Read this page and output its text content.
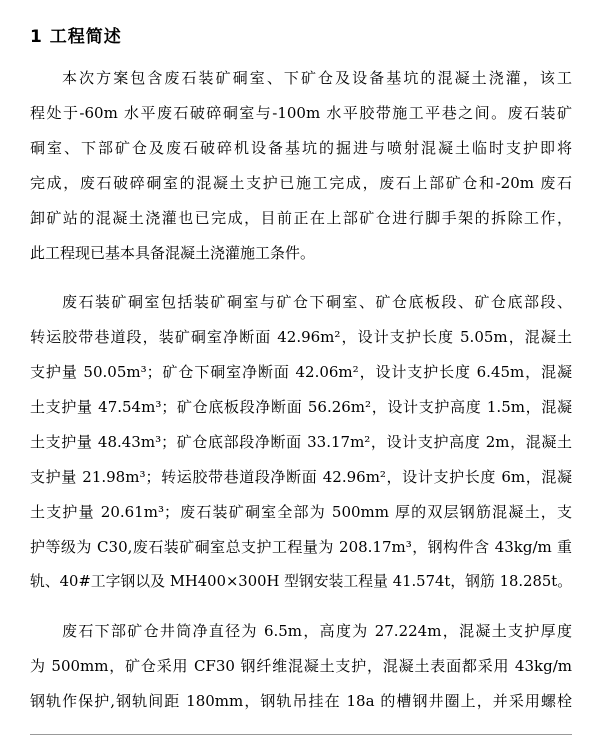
1 工程简述
本次方案包含废石装矿硐室、下矿仓及设备基坑的混凝土浇灌，该工
程处于-60m 水平废石破碎硐室与-100m 水平胶带施工平巷之间。废石装矿
硐室、下部矿仓及废石破碎机设备基坑的掘进与喷射混凝土临时支护即将
完成，废石破碎硐室的混凝土支护已施工完成，废石上部矿仓和-20m 废石
卸矿站的混凝土浇灌也已完成，目前正在上部矿仓进行脚手架的拆除工作，
此工程现已基本具备混凝土浇灌施工条件。
废石装矿硐室包括装矿硐室与矿仓下硐室、矿仓底板段、矿仓底部段、
转运胶带巷道段，装矿硐室净断面 42.96m²，设计支护长度 5.05m，混凝土
支护量 50.05m³；矿仓下硐室净断面 42.06m²，设计支护长度 6.45m，混凝
土支护量 47.54m³；矿仓底板段净断面 56.26m²，设计支护高度 1.5m，混凝
土支护量 48.43m³；矿仓底部段净断面 33.17m²，设计支护高度 2m，混凝土
支护量 21.98m³；转运胶带巷道段净断面 42.96m²，设计支护长度 6m，混凝
土支护量 20.61m³；废石装矿硐室全部为 500mm 厚的双层钢筋混凝土，支
护等级为 C30,废石装矿硐室总支护工程量为 208.17m³，钢构件含 43kg/m 重
轨、40#工字钢以及 MH400×300H 型钢安装工程量 41.574t，钢筋 18.285t。
废石下部矿仓井筒净直径为 6.5m，高度为 27.224m，混凝土支护厚度
为 500mm，矿仓采用 CF30 钢纤维混凝土支护，混凝土表面都采用 43kg/m
钢轨作保护,钢轨间距 180mm，钢轨吊挂在 18a 的槽钢井圈上，并采用螺栓
